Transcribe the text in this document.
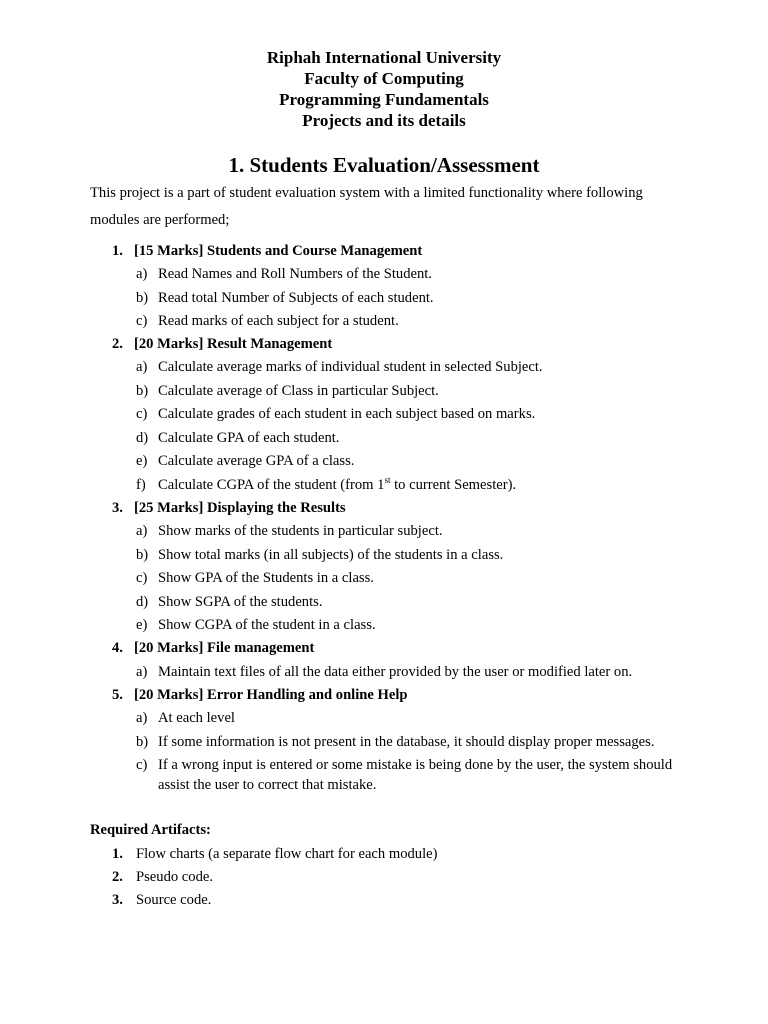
Riphah International University
Faculty of Computing
Programming Fundamentals
Projects and its details
1. Students Evaluation/Assessment
This project is a part of student evaluation system with a limited functionality where following modules are performed;
1. [15 Marks] Students and Course Management
a) Read Names and Roll Numbers of the Student.
b) Read total Number of Subjects of each student.
c) Read marks of each subject for a student.
2. [20 Marks] Result Management
a) Calculate average marks of individual student in selected Subject.
b) Calculate average of Class in particular Subject.
c) Calculate grades of each student in each subject based on marks.
d) Calculate GPA of each student.
e) Calculate average GPA of a class.
f) Calculate CGPA of the student (from 1st to current Semester).
3. [25 Marks] Displaying the Results
a) Show marks of the students in particular subject.
b) Show total marks (in all subjects) of the students in a class.
c) Show GPA of the Students in a class.
d) Show SGPA of the students.
e) Show CGPA of the student in a class.
4. [20 Marks] File management
a) Maintain text files of all the data either provided by the user or modified later on.
5. [20 Marks] Error Handling and online Help
a) At each level
b) If some information is not present in the database, it should display proper messages.
c) If a wrong input is entered or some mistake is being done by the user, the system should assist the user to correct that mistake.
Required Artifacts:
1. Flow charts (a separate flow chart for each module)
2. Pseudo code.
3. Source code.
